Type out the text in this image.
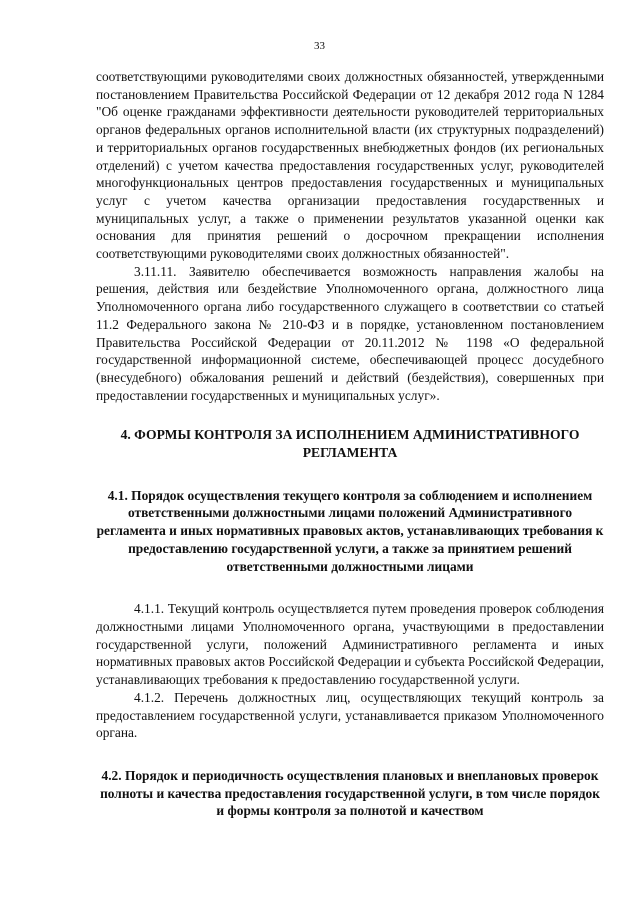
33

соответствующими руководителями своих должностных обязанностей, утвержденными постановлением Правительства Российской Федерации от 12 декабря 2012 года N 1284 "Об оценке гражданами эффективности деятельности руководителей территориальных органов федеральных органов исполнительной власти (их структурных подразделений) и территориальных органов государственных внебюджетных фондов (их региональных отделений) с учетом качества предоставления государственных услуг, руководителей многофункциональных центров предоставления государственных и муниципальных услуг с учетом качества организации предоставления государственных и муниципальных услуг, а также о применении результатов указанной оценки как основания для принятия решений о досрочном прекращении исполнения соответствующими руководителями своих должностных обязанностей".

3.11.11. Заявителю обеспечивается возможность направления жалобы на решения, действия или бездействие Уполномоченного органа, должностного лица Уполномоченного органа либо государственного служащего в соответствии со статьей 11.2 Федерального закона № 210-ФЗ и в порядке, установленном постановлением Правительства Российской Федерации от 20.11.2012 № 1198 «О федеральной государственной информационной системе, обеспечивающей процесс досудебного (внесудебного) обжалования решений и действий (бездействия), совершенных при предоставлении государственных и муниципальных услуг».

4. ФОРМЫ КОНТРОЛЯ ЗА ИСПОЛНЕНИЕМ АДМИНИСТРАТИВНОГО РЕГЛАМЕНТА
4.1. Порядок осуществления текущего контроля за соблюдением и исполнением ответственными должностными лицами положений Административного регламента и иных нормативных правовых актов, устанавливающих требования к предоставлению государственной услуги, а также за принятием решений ответственными должностными лицами

4.1.1. Текущий контроль осуществляется путем проведения проверок соблюдения должностными лицами Уполномоченного органа, участвующими в предоставлении государственной услуги, положений Административного регламента и иных нормативных правовых актов Российской Федерации и субъекта Российской Федерации, устанавливающих требования к предоставлению государственной услуги.

4.1.2. Перечень должностных лиц, осуществляющих текущий контроль за предоставлением государственной услуги, устанавливается приказом Уполномоченного органа.

4.2. Порядок и периодичность осуществления плановых и внеплановых проверок полноты и качества предоставления государственной услуги, в том числе порядок и формы контроля за полнотой и качеством
